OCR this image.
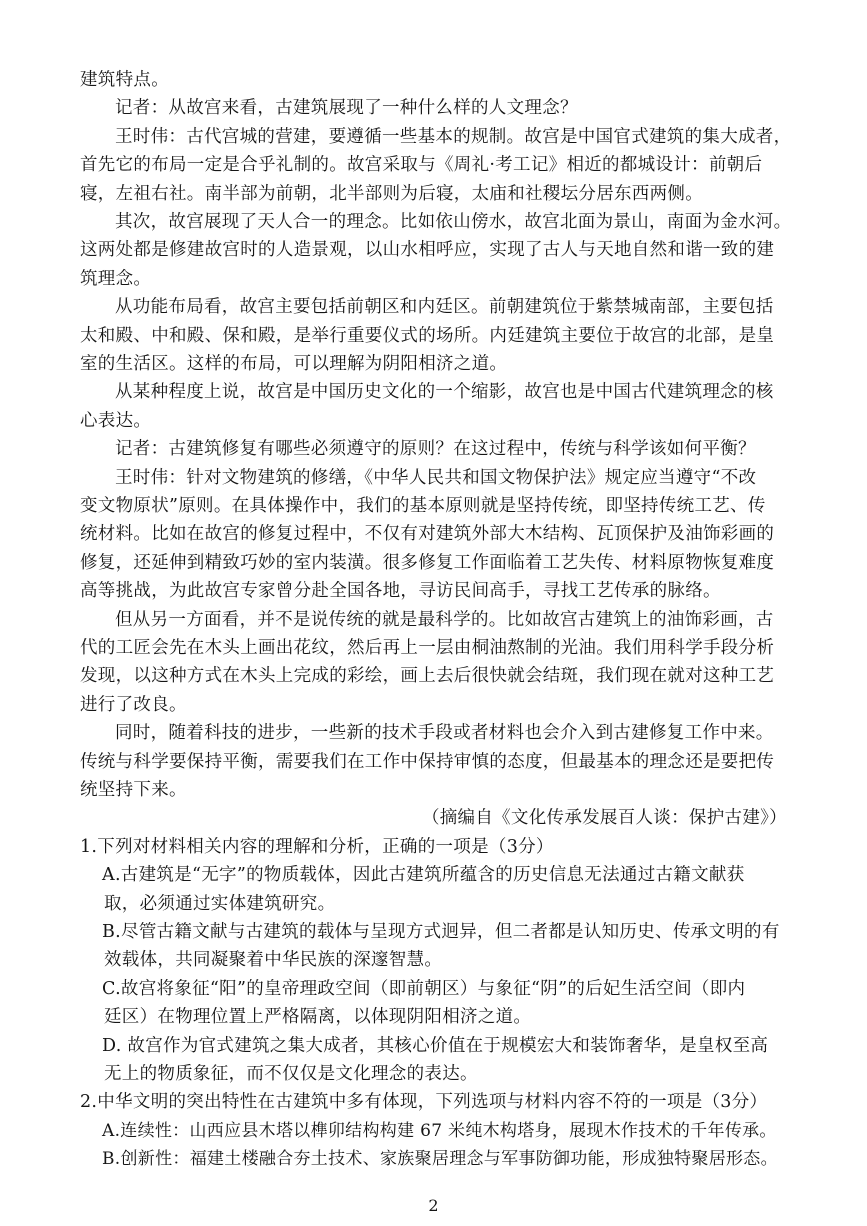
建筑特点。

记者：从故宫来看，古建筑展现了一种什么样的人文理念？

王时伟：古代宫城的营建，要遵循一些基本的规制。故宫是中国官式建筑的集大成者，

首先它的布局一定是合乎礼制的。故宫采取与《周礼·考工记》相近的都城设计：前朝后

寝，左祖右社。南半部为前朝，北半部则为后寝，太庙和社稷坛分居东西两侧。

其次，故宫展现了天人合一的理念。比如依山傍水，故宫北面为景山，南面为金水河。

这两处都是修建故宫时的人造景观，以山水相呼应，实现了古人与天地自然和谐一致的建

筑理念。

从功能布局看，故宫主要包括前朝区和内廷区。前朝建筑位于紫禁城南部，主要包括

太和殿、中和殿、保和殿，是举行重要仪式的场所。内廷建筑主要位于故宫的北部，是皇

室的生活区。这样的布局，可以理解为阴阳相济之道。

从某种程度上说，故宫是中国历史文化的一个缩影，故宫也是中国古代建筑理念的核

心表达。

记者：古建筑修复有哪些必须遵守的原则？在这过程中，传统与科学该如何平衡？

王时伟：针对文物建筑的修缮，《中华人民共和国文物保护法》规定应当遵守“不改

变文物原状”原则。在具体操作中，我们的基本原则就是坚持传统，即坚持传统工艺、传

统材料。比如在故宫的修复过程中，不仅有对建筑外部大木结构、瓦顶保护及油饰彩画的

修复，还延伸到精致巧妙的室内装潢。很多修复工作面临着工艺失传、材料原物恢复难度

高等挑战，为此故宫专家曾分赴全国各地，寻访民间高手，寻找工艺传承的脉络。

但从另一方面看，并不是说传统的就是最科学的。比如故宫古建筑上的油饰彩画，古

代的工匠会先在木头上画出花纹，然后再上一层由桐油熬制的光油。我们用科学手段分析

发现，以这种方式在木头上完成的彩绘，画上去后很快就会结斑，我们现在就对这种工艺

进行了改良。

同时，随着科技的进步，一些新的技术手段或者材料也会介入到古建修复工作中来。

传统与科学要保持平衡，需要我们在工作中保持审慎的态度，但最基本的理念还是要把传

统坚持下来。

（摘编自《文化传承发展百人谈：保护古建》）

1.下列对材料相关内容的理解和分析，正确的一项是（3分）

A.古建筑是“无字”的物质载体，因此古建筑所蕴含的历史信息无法通过古籍文献获

取，必须通过实体建筑研究。

B.尽管古籍文献与古建筑的载体与呈现方式迥异，但二者都是认知历史、传承文明的有

效载体，共同凝聚着中华民族的深邃智慧。

C.故宫将象征“阳”的皇帝理政空间（即前朝区）与象征“阴”的后妃生活空间（即内

廷区）在物理位置上严格隔离，以体现阴阳相济之道。

D. 故宫作为官式建筑之集大成者，其核心价值在于规模宏大和装饰奢华，是皇权至高

无上的物质象征，而不仅仅是文化理念的表达。

2.中华文明的突出特性在古建筑中多有体现，下列选项与材料内容不符的一项是（3分）

A.连续性：山西应县木塔以榫卯结构构建 67 米纯木构塔身，展现木作技术的千年传承。

B.创新性：福建土楼融合夯土技术、家族聚居理念与军事防御功能，形成独特聚居形态。

2
